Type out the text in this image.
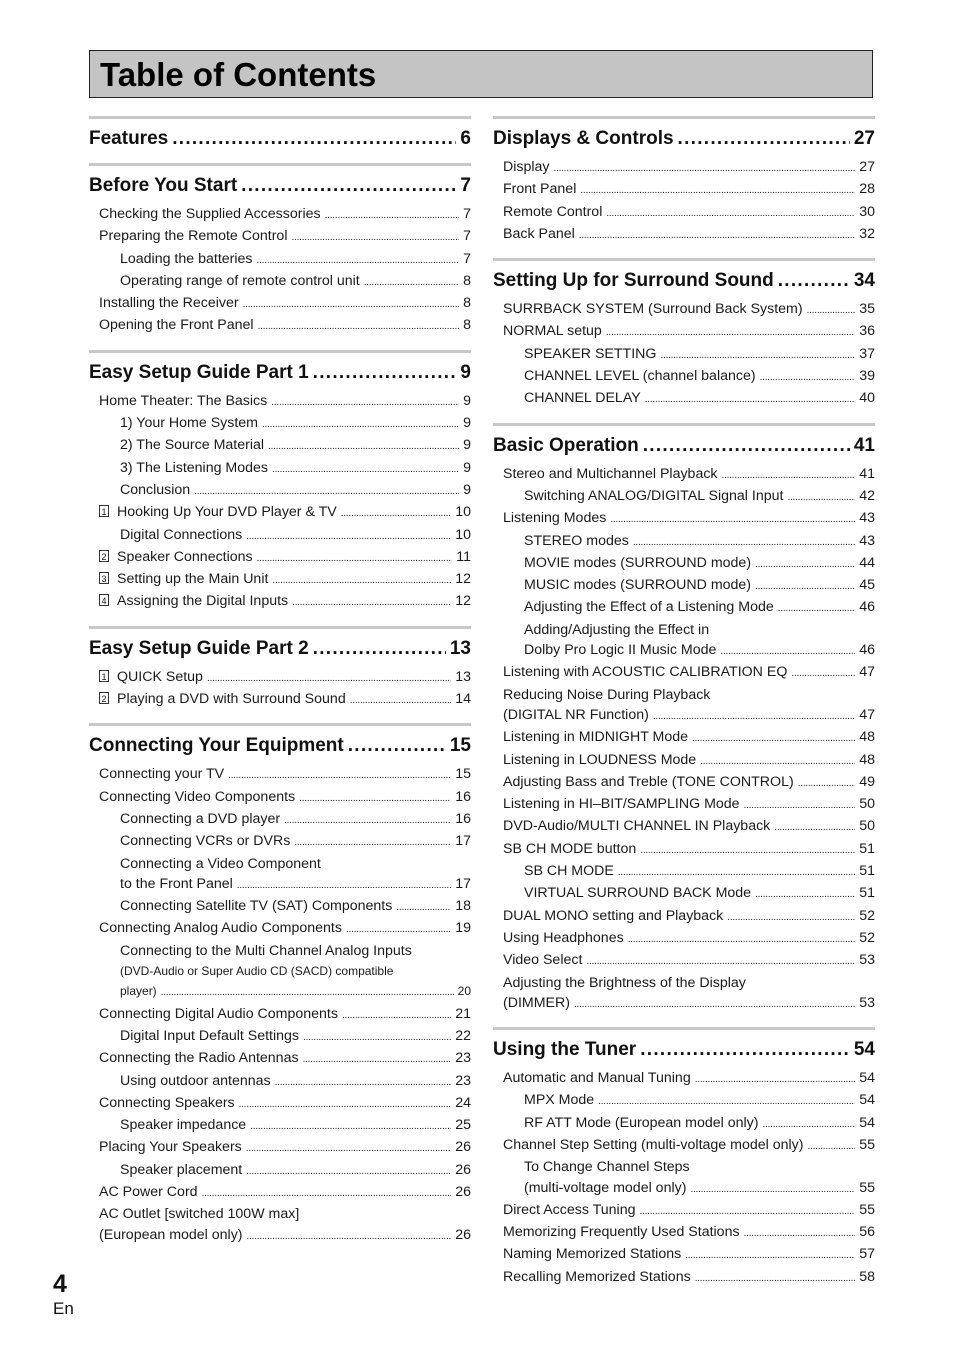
Table of Contents
Features . . .	6
Before You Start . . .	7
Checking the Supplied Accessories . . .	7
Preparing the Remote Control . . .	7
Loading the batteries . . .	7
Operating range of remote control unit . . .	8
Installing the Receiver . . .	8
Opening the Front Panel . . .	8
Easy Setup Guide Part 1 . . .	9
Home Theater: The Basics . . .	9
1) Your Home System . . .	9
2) The Source Material . . .	9
3) The Listening Modes . . .	9
Conclusion . . .	9
1 Hooking Up Your DVD Player & TV . . .	10
Digital Connections . . .	10
2 Speaker Connections . . .	11
3 Setting up the Main Unit . . .	12
4 Assigning the Digital Inputs . . .	12
Easy Setup Guide Part 2 . . .	13
1 QUICK Setup . . .	13
2 Playing a DVD with Surround Sound . . .	14
Connecting Your Equipment . . .	15
Connecting your TV . . .	15
Connecting Video Components . . .	16
Connecting a DVD player . . .	16
Connecting VCRs or DVRs . . .	17
Connecting a Video Component
to the Front Panel . . .	17
Connecting Satellite TV (SAT) Components . . .	18
Connecting Analog Audio Components . . .	19
Connecting to the Multi Channel Analog Inputs
(DVD-Audio or Super Audio CD (SACD) compatible
player) . . .	20
Connecting Digital Audio Components . . .	21
Digital Input Default Settings . . .	22
Connecting the Radio Antennas . . .	23
Using outdoor antennas . . .	23
Connecting Speakers . . .	24
Speaker impedance . . .	25
Placing Your Speakers . . .	26
Speaker placement . . .	26
AC Power Cord . . .	26
AC Outlet [switched 100W max]
(European model only) . . .	26
Displays & Controls . . .	27
Display . . .	27
Front Panel . . .	28
Remote Control . . .	30
Back Panel . . .	32
Setting Up for Surround Sound . . .	34
SURRBACK SYSTEM (Surround Back System) . . .	35
NORMAL setup . . .	36
SPEAKER SETTING . . .	37
CHANNEL LEVEL (channel balance) . . .	39
CHANNEL DELAY . . .	40
Basic Operation . . .	41
Stereo and Multichannel Playback . . .	41
Switching ANALOG/DIGITAL Signal Input . . .	42
Listening Modes . . .	43
STEREO modes . . .	43
MOVIE modes (SURROUND mode) . . .	44
MUSIC modes (SURROUND mode) . . .	45
Adjusting the Effect of a Listening Mode . . .	46
Adding/Adjusting the Effect in
Dolby Pro Logic II Music Mode . . .	46
Listening with ACOUSTIC CALIBRATION EQ . . .	47
Reducing Noise During Playback
(DIGITAL NR Function) . . .	47
Listening in MIDNIGHT Mode . . .	48
Listening in LOUDNESS Mode . . .	48
Adjusting Bass and Treble (TONE CONTROL) . . .	49
Listening in HI–BIT/SAMPLING Mode . . .	50
DVD-Audio/MULTI CHANNEL IN Playback . . .	50
SB CH MODE button . . .	51
SB CH MODE . . .	51
VIRTUAL SURROUND BACK Mode . . .	51
DUAL MONO setting and Playback . . .	52
Using Headphones . . .	52
Video Select . . .	53
Adjusting the Brightness of the Display
(DIMMER) . . .	53
Using the Tuner . . .	54
Automatic and Manual Tuning . . .	54
MPX Mode . . .	54
RF ATT Mode (European model only) . . .	54
Channel Step Setting (multi-voltage model only) . . .	55
To Change Channel Steps
(multi-voltage model only) . . .	55
Direct Access Tuning . . .	55
Memorizing Frequently Used Stations . . .	56
Naming Memorized Stations . . .	57
Recalling Memorized Stations . . .	58
4
En
